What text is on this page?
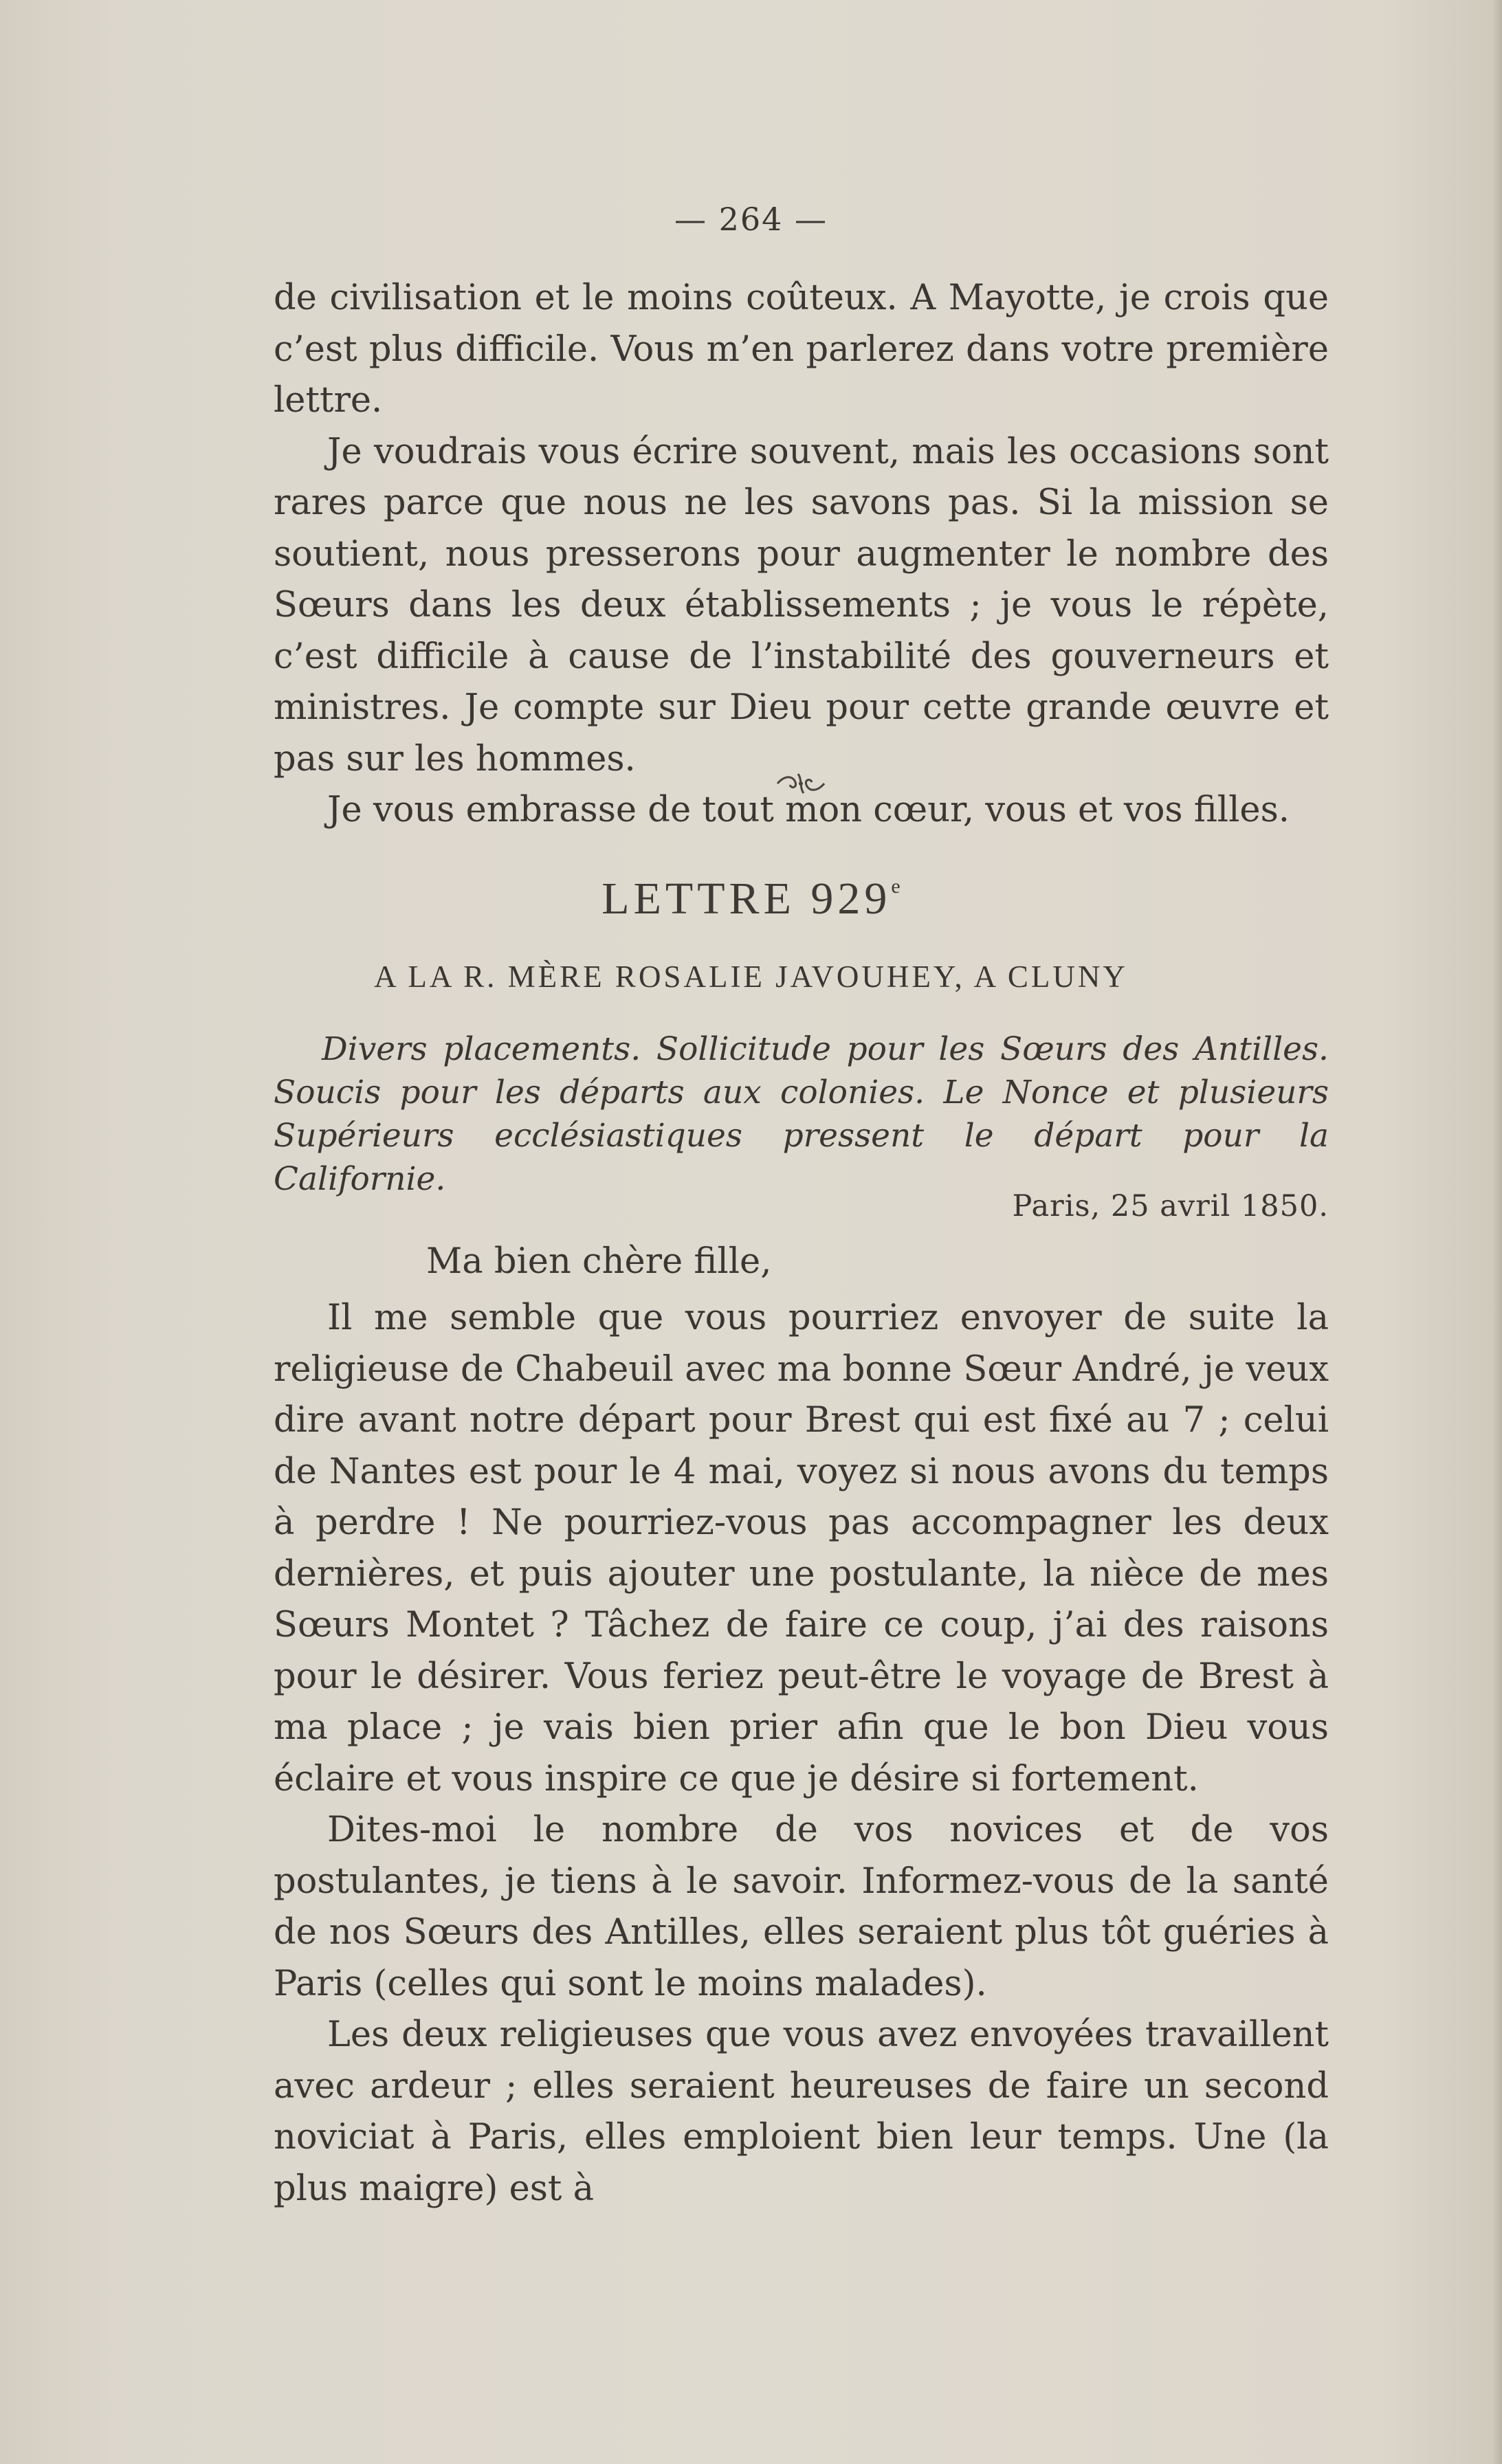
— 264 —

de civilisation et le moins coûteux. A Mayotte, je crois que c’est plus difficile. Vous m’en parlerez dans votre première lettre.

Je voudrais vous écrire souvent, mais les occasions sont rares parce que nous ne les savons pas. Si la mission se soutient, nous presserons pour augmenter le nombre des Sœurs dans les deux établissements ; je vous le répète, c’est difficile à cause de l’instabilité des gouverneurs et ministres. Je compte sur Dieu pour cette grande œuvre et pas sur les hommes.

Je vous embrasse de tout mon cœur, vous et vos filles.

LETTRE 929e
A LA R. MÈRE ROSALIE JAVOUHEY, A CLUNY

Divers placements. Sollicitude pour les Sœurs des Antilles. Soucis pour les départs aux colonies. Le Nonce et plusieurs Supérieurs ecclésiastiques pressent le départ pour la Californie.

Paris, 25 avril 1850.
Ma bien chère fille,

Il me semble que vous pourriez envoyer de suite la religieuse de Chabeuil avec ma bonne Sœur André, je veux dire avant notre départ pour Brest qui est fixé au 7 ; celui de Nantes est pour le 4 mai, voyez si nous avons du temps à perdre ! Ne pourriez-vous pas accompagner les deux dernières, et puis ajouter une postulante, la nièce de mes Sœurs Montet ? Tâchez de faire ce coup, j’ai des raisons pour le désirer. Vous feriez peut-être le voyage de Brest à ma place ; je vais bien prier afin que le bon Dieu vous éclaire et vous inspire ce que je désire si fortement.

Dites-moi le nombre de vos novices et de vos postulantes, je tiens à le savoir. Informez-vous de la santé de nos Sœurs des Antilles, elles seraient plus tôt guéries à Paris (celles qui sont le moins malades).

Les deux religieuses que vous avez envoyées travaillent avec ardeur ; elles seraient heureuses de faire un second noviciat à Paris, elles emploient bien leur temps. Une (la plus maigre) est à
